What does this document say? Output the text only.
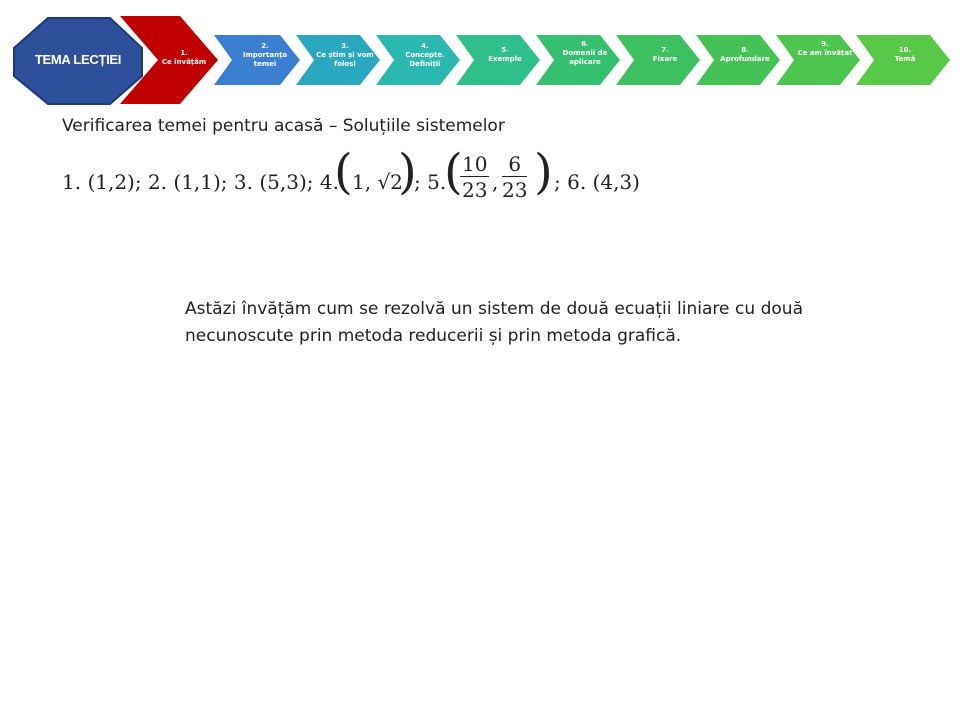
TEMA LECȚIEI	1.
Ce învățăm
2.
Importanța temei
3.
Ce știm și vom folosi
4.
Concepte. Definiții
5.
Exemple
6.
Domenii de aplicare
7.
Fixare
8.
Aprofundare
9.
Ce am învățat	10.
Temă
Verificarea temei pentru acasă – Soluțiile sistemelor
1. (1,2); 2. (1,1); 3. (5,3); 4.
( 1, √2
)
; 5.
(
$\frac{10}{23}$ , $\frac{6}{23}$ ) ; 6. (4,3)
Astăzi învățăm cum se rezolvă un sistem de două ecuații liniare cu două necunoscute prin metoda reducerii și prin metoda grafică.
